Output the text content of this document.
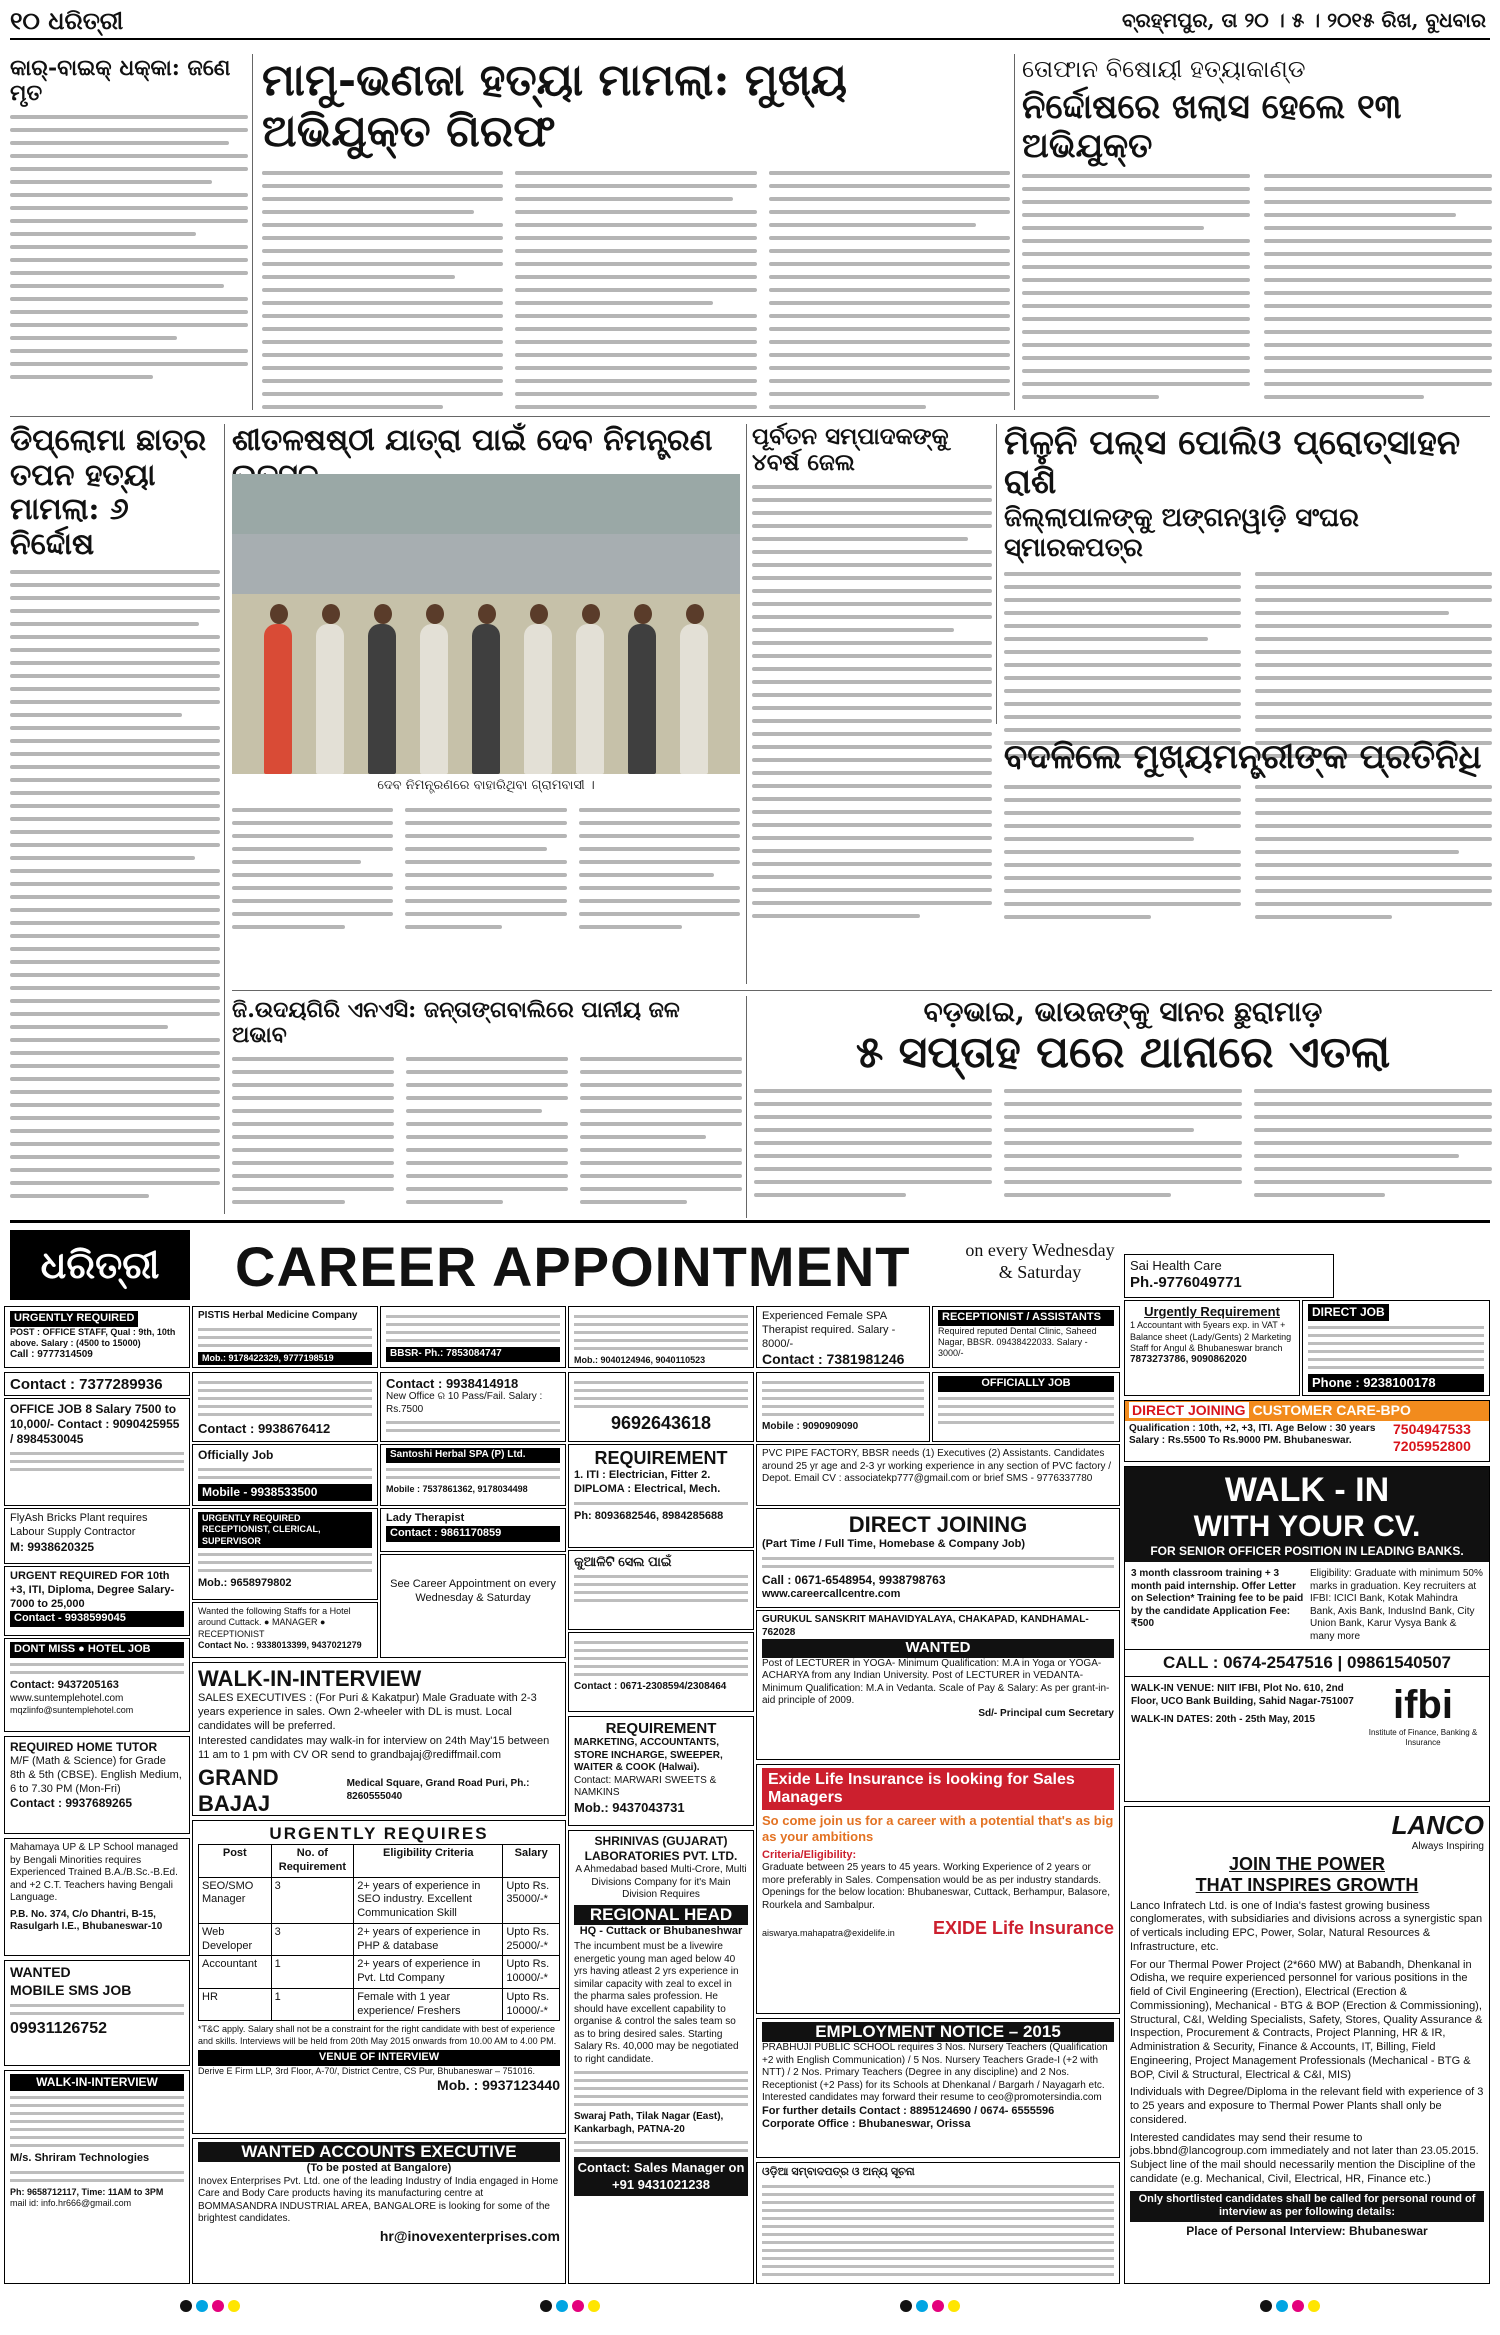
୧୦ ଧରିତ୍ରୀ	ବ୍ରହ୍ମପୁର, ତା ୨୦ । ୫ । ୨୦୧୫ ରିଖ, ବୁଧବାର
କାର୍-ବାଇକ୍ ଧକ୍କା: ଜଣେ ମୃତ	ମାମୁ-ଭଣଜା ହତ୍ୟା ମାମଲା: ମୁଖ୍ୟ ଅଭିଯୁକ୍ତ ଗିରଫ
ତୋଫାନ ବିଷୋୟୀ ହତ୍ୟାକାଣ୍ଡ
ନିର୍ଦ୍ଦୋଷରେ ଖଲାସ ହେଲେ ୧୩ ଅଭିଯୁକ୍ତ
ଡିପ୍ଲୋମା ଛାତ୍ର ତପନ ହତ୍ୟା ମାମଲା: ୬ ନିର୍ଦ୍ଦୋଷ
ଶୀତଳଷଷ୍ଠୀ ଯାତ୍ରା ପାଇଁ ଦେବ ନିମନ୍ତ୍ରଣ
ଦେବ ନିମନ୍ତ୍ରଣରେ ବାହାରିଥିବା ଗ୍ରାମବାସୀ ।
ପୂର୍ବତନ ସମ୍ପାଦକଙ୍କୁ ୪ବର୍ଷ ଜେଲ	ମିଳୁନି ପଲ୍ସ ପୋଲିଓ ପ୍ରୋତ୍ସାହନ ରାଶି
ଜିଲ୍ଲାପାଳଙ୍କୁ ଅଙ୍ଗନୱାଡ଼ି ସଂଘର ସ୍ମାରକପତ୍ର
ବଦଳିଲେ ମୁଖ୍ୟମନ୍ତ୍ରୀଙ୍କ ପ୍ରତିନିଧି
ଜି.ଉଦୟଗିରି ଏନଏସି: ଜନ୍ତାଙ୍ଗବାଲିରେ ପାନୀୟ ଜଳ ଅଭାବ
ବଡ଼ଭାଇ, ଭାଉଜଙ୍କୁ ସାନର ଛୁରାମାଡ଼
୫ ସପ୍ତାହ ପରେ ଥାନାରେ ଏତଲା
ଧରିତ୍ରୀ	CAREER APPOINTMENT	on every Wednesday & Saturday	Sai Health Care
Ph.-9776049771
Urgently Requirement
1 Accountant with 5years exp. in VAT + Balance sheet (Lady/Gents) 2 Marketing Staff for Angul & Bhubaneswar branch
7873273786, 9090862020
DIRECT JOB
Phone : 9238100178
DIRECT JOINING CUSTOMER CARE-BPO
Qualification : 10th, +2, +3, ITI. Age Below : 30 years Salary : Rs.5500 To Rs.9000 PM. Bhubaneswar.
7504947533
7205952800
WALK - IN
WITH YOUR CV.
FOR SENIOR OFFICER POSITION IN LEADING BANKS.
3 month classroom training + 3 month paid internship. Offer Letter on Selection* Training fee to be paid by the candidate Application Fee: ₹500
Eligibility: Graduate with minimum 50% marks in graduation. Key recruiters at IFBI: ICICI Bank, Kotak Mahindra Bank, Axis Bank, IndusInd Bank, City Union Bank, Karur Vysya Bank & many more
CALL : 0674-2547516 | 09861540507
WALK-IN VENUE: NIIT IFBI, Plot No. 610, 2nd Floor, UCO Bank Building, Sahid Nagar-751007
WALK-IN DATES: 20th - 25th May, 2015	ifbi
Institute of Finance, Banking & Insurance
LANCO
Always Inspiring
JOIN THE POWER
THAT INSPIRES GROWTH

Lanco Infratech Ltd. is one of India's fastest growing business conglomerates, with subsidiaries and divisions across a synergistic span of verticals including EPC, Power, Solar, Natural Resources & Infrastructure, etc.

For our Thermal Power Project (2*660 MW) at Babandh, Dhenkanal in Odisha, we require experienced personnel for various positions in the field of Civil Engineering (Erection), Electrical (Erection & Commissioning), Mechanical - BTG & BOP (Erection & Commissioning), Structural, C&I, Welding Specialists, Safety, Stores, Quality Assurance & Inspection, Procurement & Contracts, Project Planning, HR & IR, Administration & Security, Finance & Accounts, IT, Billing, Field Engineering, Project Management Professionals (Mechanical - BTG & BOP, Civil & Structural, Electrical & C&I, MIS)

Individuals with Degree/Diploma in the relevant field with experience of 3 to 25 years and exposure to Thermal Power Plants shall only be considered.

Interested candidates may send their resume to jobs.bbnd@lancogroup.com immediately and not later than 23.05.2015. Subject line of the mail should necessarily mention the Discipline of the candidate (e.g. Mechanical, Civil, Electrical, HR, Finance etc.)

Only shortlisted candidates shall be called for personal round of interview as per following details:
Place of Personal Interview: Bhubaneswar
URGENTLY REQUIRED
POST : OFFICE STAFF, Qual : 9th, 10th above. Salary : (4500 to 15000)
Call : 9777314509
PISTIS Herbal Medicine Company
Mob.: 9178422329, 9777198519	BBSR- Ph.: 7853084747
Mob.: 9040124946, 9040110523
Experienced Female SPA Therapist required. Salary - 8000/-
Contact : 7381981246
RECEPTIONIST / ASSISTANTS
Required reputed Dental Clinic, Saheed Nagar, BBSR. 09438422033. Salary - 3000/-
Contact : 7377289936
OFFICE JOB 8 Salary 7500 to 10,000/- Contact : 9090425955 / 8984530045
Contact : 9938676412
Contact : 9938414918
New Office ର 10 Pass/Fail. Salary : Rs.7500
9692643618
OFFICIALLY JOB
Mobile : 9090909090
Officially Job
Mobile - 9938533500
Santoshi Herbal SPA (P) Ltd.
Mobile : 7537861362, 9178034498
REQUIREMENT
1. ITI : Electrician, Fitter 2. DIPLOMA : Electrical, Mech.
Ph: 8093682546, 8984285688
PVC PIPE FACTORY, BBSR needs (1) Executives (2) Assistants. Candidates around 25 yr age and 2-3 yr working experience in any section of PVC factory / Depot. Email CV : associatekp777@gmail.com or brief SMS - 9776337780
FlyAsh Bricks Plant requires Labour Supply Contractor
M: 9938620325
URGENTLY REQUIRED RECEPTIONIST, CLERICAL, SUPERVISOR
Mob.: 9658979802
Lady Therapist
Contact : 9861170859	DIRECT JOINING
(Part Time / Full Time, Homebase & Company Job)
Call : 0671-6548954, 9938798763
www.careercallcentre.com
URGENT REQUIRED FOR 10th +3, ITI, Diploma, Degree Salary-7000 to 25,000
Contact - 9938599045
Wanted the following Staffs for a Hotel around Cuttack. ● MANAGER ● RECEPTIONIST
Contact No. : 9338013399, 9437021279
See Career Appointment on every Wednesday & Saturday
କୁଆଳିଟି ସେଲ ପାଇଁ
GURUKUL SANSKRIT MAHAVIDYALAYA, CHAKAPAD, KANDHAMAL-762028
WANTED
Post of LECTURER in YOGA- Minimum Qualification: M.A in Yoga or YOGA-ACHARYA from any Indian University. Post of LECTURER in VEDANTA- Minimum Qualification: M.A in Vedanta. Scale of Pay & Salary: As per grant-in-aid principle of 2009.
Sd/- Principal cum Secretary
DONT MISS ● HOTEL JOB
Contact: 9437205163
www.suntemplehotel.com
mqzlinfo@suntemplehotel.com
REQUIRED HOME TUTOR
M/F (Math & Science) for Grade 8th & 5th (CBSE). English Medium, 6 to 7.30 PM (Mon-Fri)
Contact : 9937689265
Mahamaya UP & LP School managed by Bengali Minorities requires Experienced Trained B.A./B.Sc.-B.Ed. and +2 C.T. Teachers having Bengali Language.
P.B. No. 374, C/o Dhantri, B-15, Rasulgarh I.E., Bhubaneswar-10
WANTED
MOBILE SMS JOB
09931126752
WALK-IN-INTERVIEW
M/s. Shriram Technologies
Ph: 9658712117, Time: 11AM to 3PM
mail id: info.hr666@gmail.com
WALK-IN-INTERVIEW
SALES EXECUTIVES : (For Puri & Kakatpur) Male Graduate with 2-3 years experience in sales. Own 2-wheeler with DL is must. Local candidates will be preferred.
Interested candidates may walk-in for interview on 24th May'15 between 11 am to 1 pm with CV OR send to grandbajaj@rediffmail.com
GRAND BAJAJ
Medical Square, Grand Road Puri, Ph.: 8260555040
URGENTLY REQUIRES
Post	No. of Requirement	Eligibility Criteria	Salary
SEO/SMO Manager	3	2+ years of experience in SEO industry. Excellent Communication Skill	Upto Rs. 35000/-*
Web Developer	3	2+ years of experience in PHP & database	Upto Rs. 25000/-*
Accountant	1	2+ years of experience in Pvt. Ltd Company	Upto Rs. 10000/-*
HR	1	Female with 1 year experience/ Freshers	Upto Rs. 10000/-*
*T&C apply. Salary shall not be a constraint for the right candidate with best of experience and skills. Interviews will be held from 20th May 2015 onwards from 10.00 AM to 4.00 PM.
VENUE OF INTERVIEW
Derive E Firm LLP, 3rd Floor, A-70/, District Centre, CS Pur, Bhubaneswar – 751016.
Mob. : 9937123440
WANTED ACCOUNTS EXECUTIVE
(To be posted at Bangalore)
Inovex Enterprises Pvt. Ltd. one of the leading Industry of India engaged in Home Care and Body Care products having its manufacturing centre at BOMMASANDRA INDUSTRIAL AREA, BANGALORE is looking for some of the brightest candidates.
hr@inovexenterprises.com
Contact : 0671-2308594/2308464
REQUIREMENT
MARKETING, ACCOUNTANTS, STORE INCHARGE, SWEEPER, WAITER & COOK (Halwai).
Contact: MARWARI SWEETS & NAMKINS
Mob.: 9437043731
SHRINIVAS (GUJARAT) LABORATORIES PVT. LTD.
A Ahmedabad based Multi-Crore, Multi Divisions Company for it's Main Division Requires
REGIONAL HEAD
HQ - Cuttack or Bhubaneshwar
The incumbent must be a livewire energetic young man aged below 40 yrs having atleast 2 yrs experience in similar capacity with zeal to excel in the pharma sales profession. He should have excellent capability to organise & control the sales team so as to bring desired sales. Starting Salary Rs. 40,000 may be negotiated to right candidate.
Swaraj Path, Tilak Nagar (East), Kankarbagh, PATNA-20
Contact: Sales Manager on +91 9431021238
Exide Life Insurance is looking for Sales Managers
So come join us for a career with a potential that's as big as your ambitions
Criteria/Eligibility:
Graduate between 25 years to 45 years. Working Experience of 2 years or more preferably in Sales. Compensation would be as per industry standards. Openings for the below location: Bhubaneswar, Cuttack, Berhampur, Balasore, Rourkela and Sambalpur.
aiswarya.mahapatra@exidelife.in EXIDE Life Insurance
EMPLOYMENT NOTICE – 2015
PRABHUJI PUBLIC SCHOOL requires 3 Nos. Nursery Teachers (Qualification +2 with English Communication) / 5 Nos. Nursery Teachers Grade-I (+2 with NTT) / 2 Nos. Primary Teachers (Degree in any discipline) and 2 Nos. Receptionist (+2 Pass) for its Schools at Dhenkanal / Bargarh / Nayagarh etc. Interested candidates may forward their resume to ceo@promotersindia.com
For further details Contact : 8895124690 / 0674- 6555596
Corporate Office : Bhubaneswar, Orissa
ଓଡ଼ିଆ ସମ୍ବାଦପତ୍ର ଓ ଅନ୍ୟ ସୂଚନା
